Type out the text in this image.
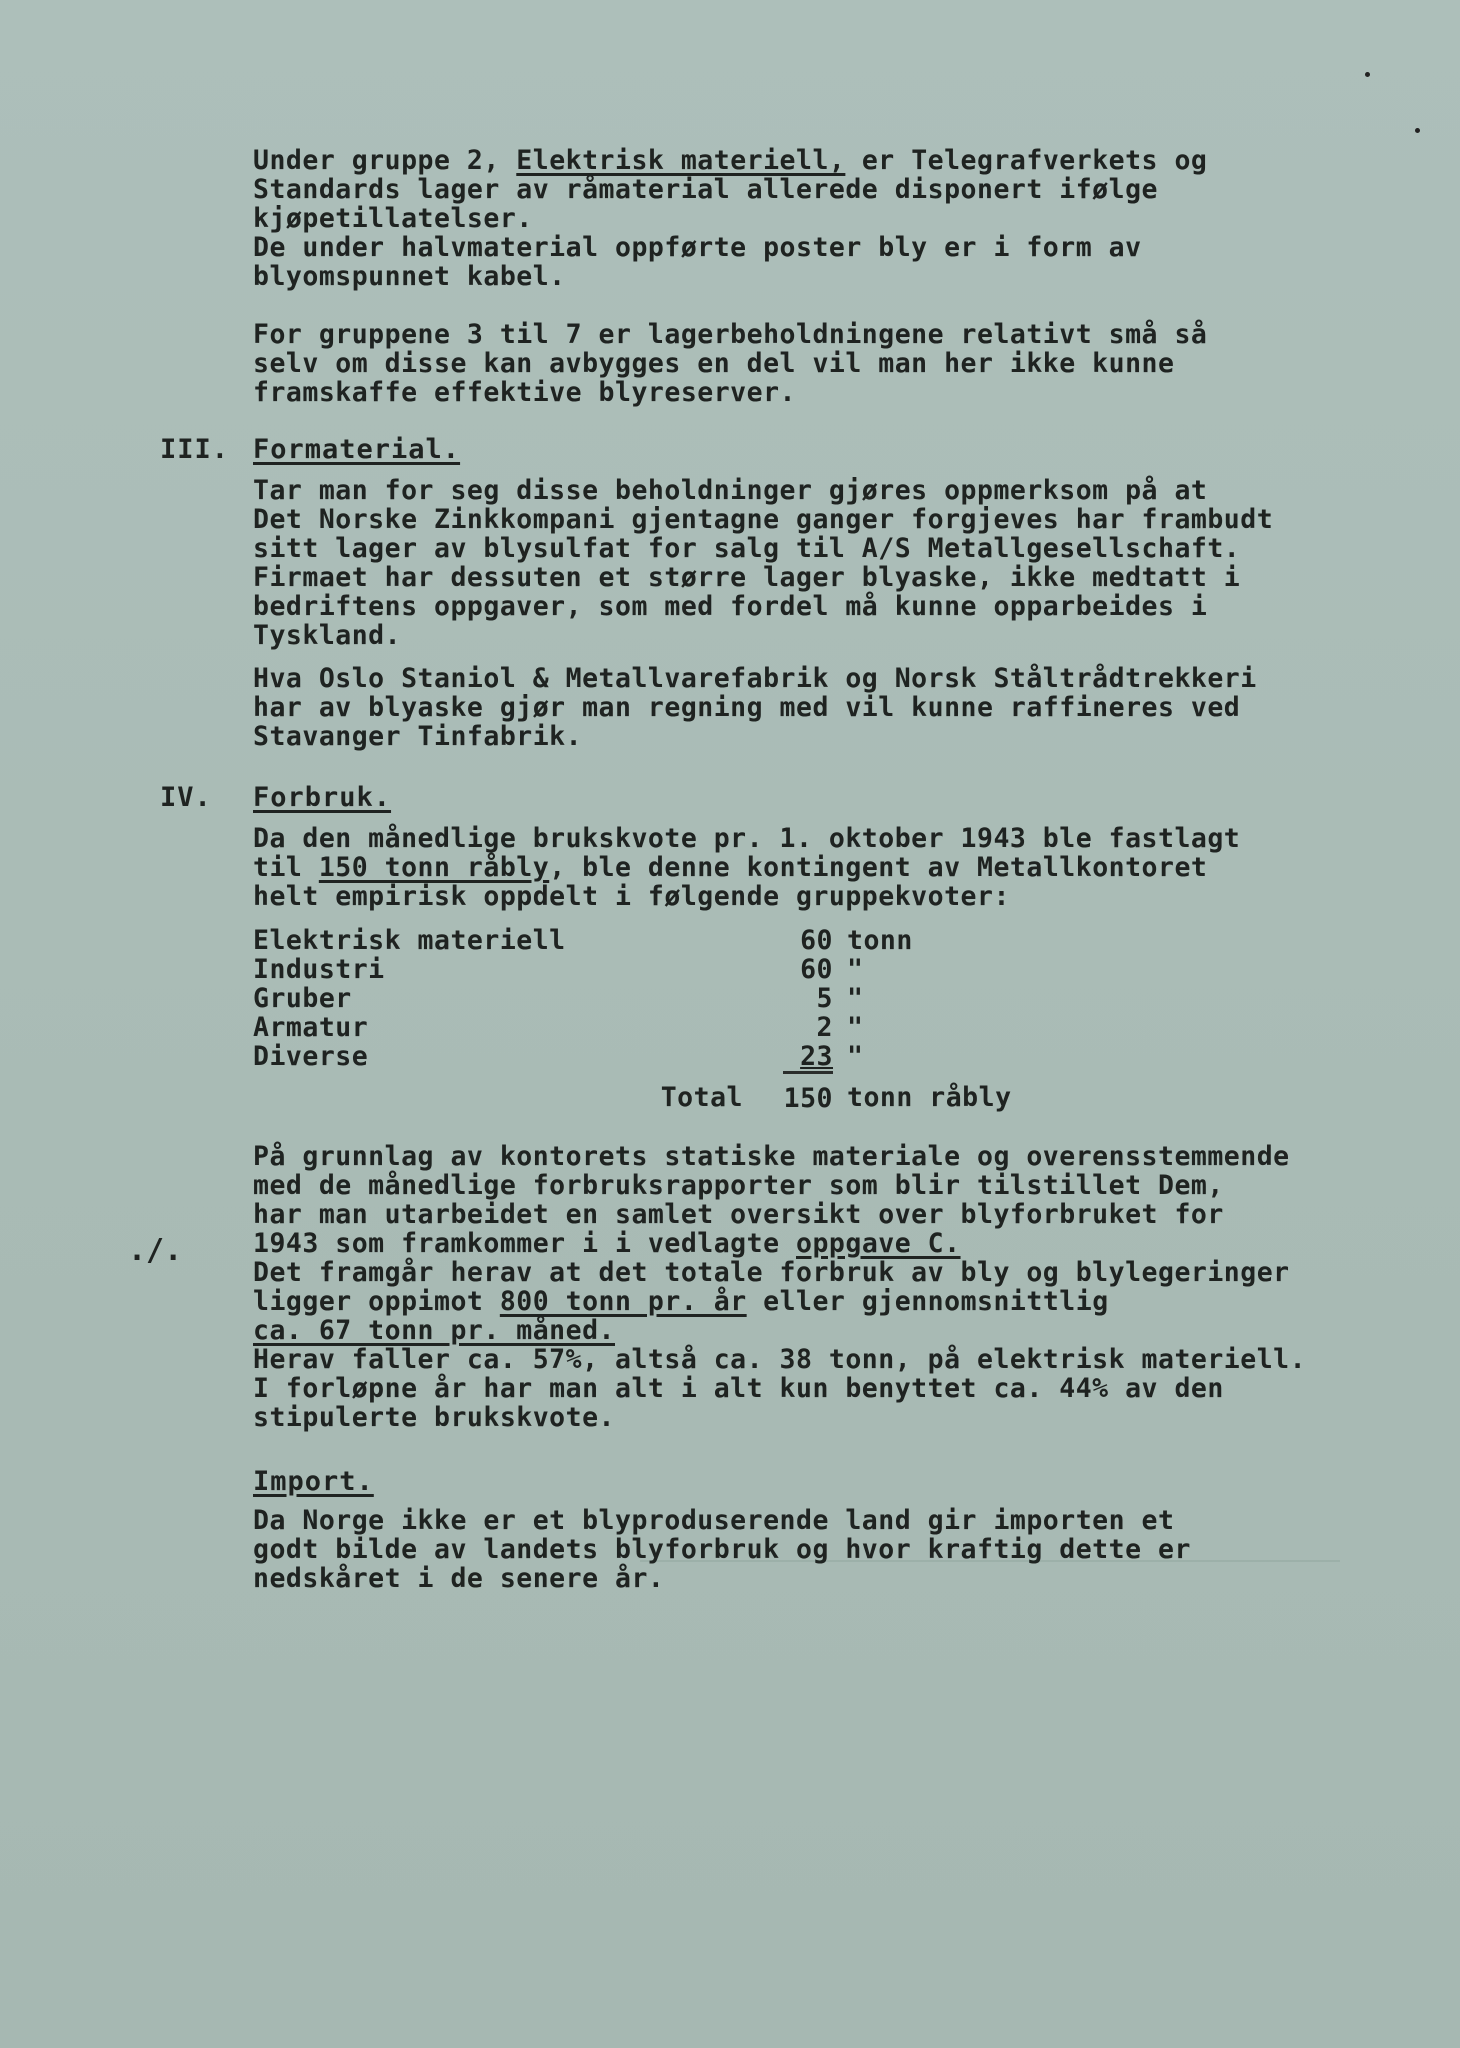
Under gruppe 2, Elektrisk materiell, er Telegrafverkets og
Standards lager av råmaterial allerede disponert ifølge
kjøpetillatelser.
De under halvmaterial oppførte poster bly er i form av
blyomspunnet kabel.
For gruppene 3 til 7 er lagerbeholdningene relativt små så
selv om disse kan avbygges en del vil man her ikke kunne
framskaffe effektive blyreserver.
III. Formaterial.
Tar man for seg disse beholdninger gjøres oppmerksom på at
Det Norske Zinkkompani gjentagne ganger forgjeves har frambudt
sitt lager av blysulfat for salg til A/S Metallgesellschaft.
Firmaet har dessuten et større lager blyaske, ikke medtatt i
bedriftens oppgaver, som med fordel må kunne opparbeides i
Tyskland.
Hva Oslo Staniol & Metallvarefabrik og Norsk Ståltrådtrekkeri
har av blyaske gjør man regning med vil kunne raffineres ved
Stavanger Tinfabrik.
IV. Forbruk.
Da den månedlige brukskvote pr. 1. oktober 1943 ble fastlagt
til 150 tonn råbly, ble denne kontingent av Metallkontoret
helt empirisk oppdelt i følgende gruppekvoter:
Elektrisk materiell	60	tonn
Industri	60	"
Gruber	5	"
Armatur	2	"
Diverse	23	"
Total	150	tonn råbly
./.
På grunnlag av kontorets statiske materiale og overensstemmende
med de månedlige forbruksrapporter som blir tilstillet Dem,
har man utarbeidet en samlet oversikt over blyforbruket for
1943 som framkommer i i vedlagte oppgave C.
Det framgår herav at det totale forbruk av bly og blylegeringer
ligger oppimot 800 tonn pr. år eller gjennomsnittlig
ca. 67 tonn pr. måned.
Herav faller ca. 57%, altså ca. 38 tonn, på elektrisk materiell.
I forløpne år har man alt i alt kun benyttet ca. 44% av den
stipulerte brukskvote.
Import.
Da Norge ikke er et blyproduserende land gir importen et
godt bilde av landets blyforbruk og hvor kraftig dette er
nedskåret i de senere år.
